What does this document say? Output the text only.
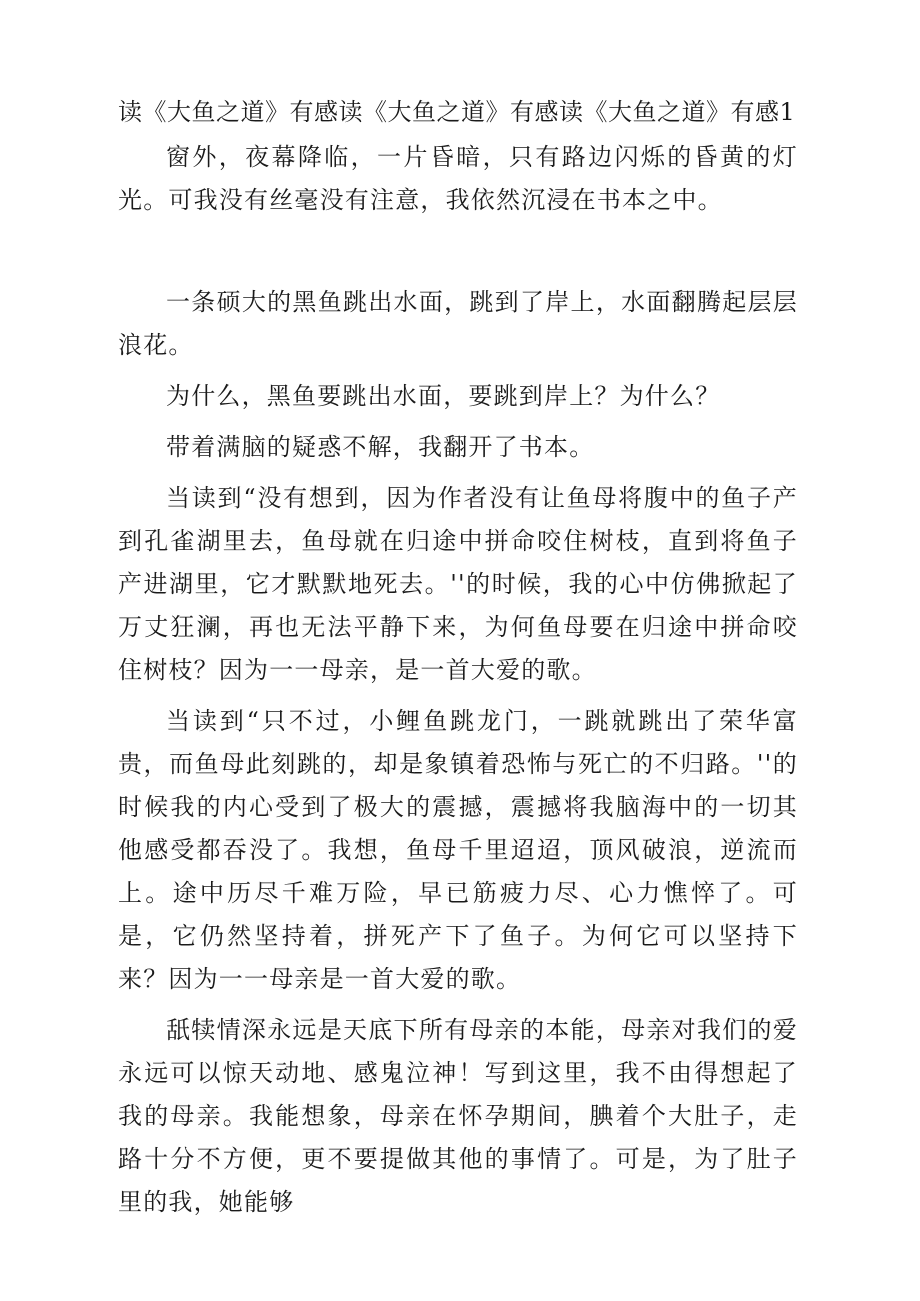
读《大鱼之道》有感读《大鱼之道》有感读《大鱼之道》有感1

窗外，夜幕降临，一片昏暗，只有路边闪烁的昏黄的灯光。可我没有丝毫没有注意，我依然沉浸在书本之中。

一条硕大的黑鱼跳出水面，跳到了岸上，水面翻腾起层层浪花。

为什么，黑鱼要跳出水面，要跳到岸上？为什么？

带着满脑的疑惑不解，我翻开了书本。

当读到“没有想到，因为作者没有让鱼母将腹中的鱼子产到孔雀湖里去，鱼母就在归途中拼命咬住树枝，直到将鱼子产进湖里，它才默默地死去。''的时候，我的心中仿佛掀起了万丈狂澜，再也无法平静下来，为何鱼母要在归途中拼命咬住树枝？因为一一母亲，是一首大爱的歌。

当读到“只不过，小鲤鱼跳龙门，一跳就跳出了荣华富贵，而鱼母此刻跳的，却是象镇着恐怖与死亡的不归路。''的时候我的内心受到了极大的震撼，震撼将我脑海中的一切其他感受都吞没了。我想，鱼母千里迢迢，顶风破浪，逆流而上。途中历尽千难万险，早已筋疲力尽、心力憔悴了。可是，它仍然坚持着，拼死产下了鱼子。为何它可以坚持下来？因为一一母亲是一首大爱的歌。

舐犊情深永远是天底下所有母亲的本能，母亲对我们的爱永远可以惊天动地、感鬼泣神！写到这里，我不由得想起了我的母亲。我能想象，母亲在怀孕期间，腆着个大肚子，走路十分不方便，更不要提做其他的事情了。可是，为了肚子里的我，她能够
